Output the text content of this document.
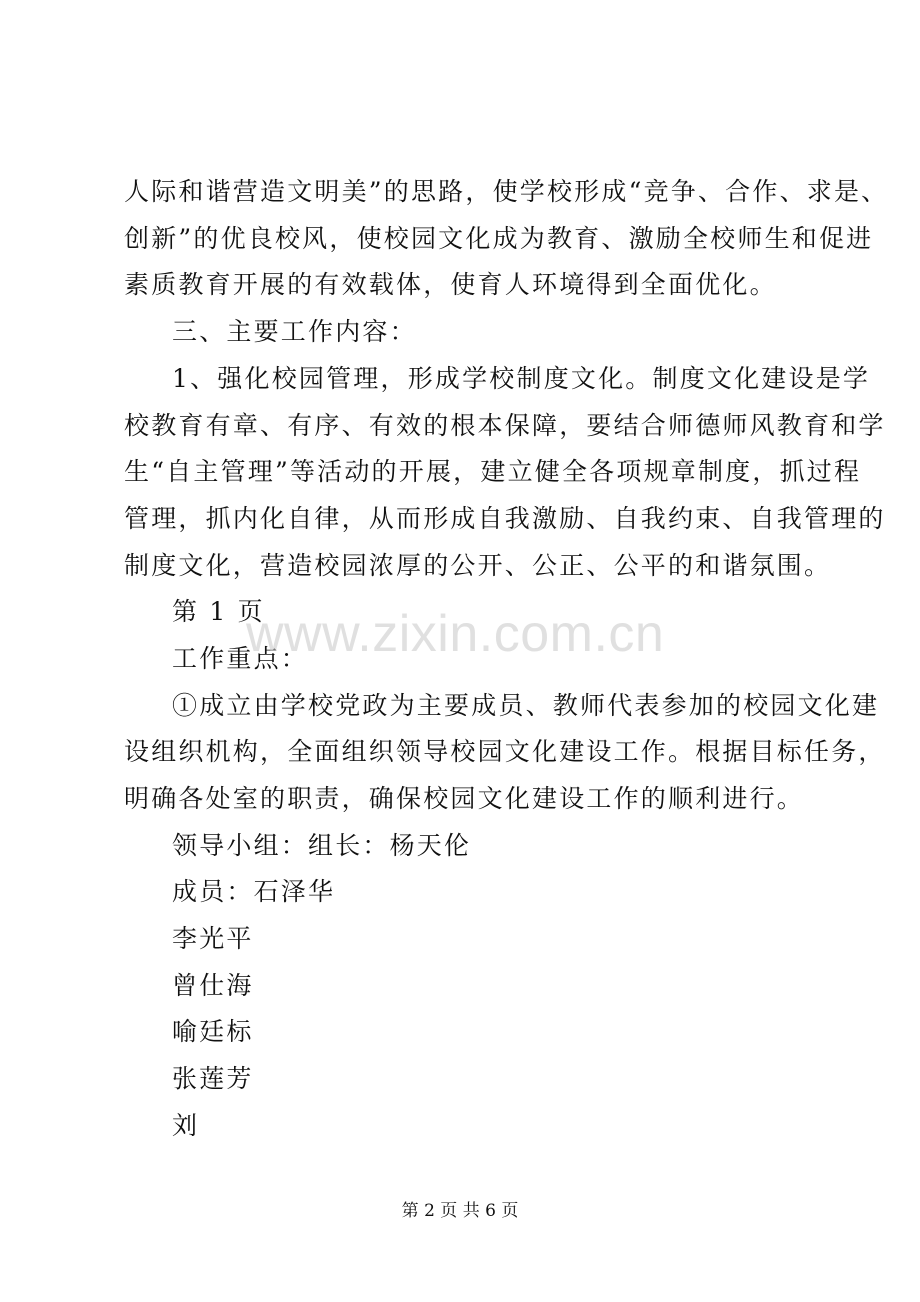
人际和谐营造文明美”的思路，使学校形成“竞争、合作、求是、
创新”的优良校风，使校园文化成为教育、激励全校师生和促进
素质教育开展的有效载体，使育人环境得到全面优化。
三、主要工作内容：
1、强化校园管理，形成学校制度文化。制度文化建设是学
校教育有章、有序、有效的根本保障，要结合师德师风教育和学
生“自主管理”等活动的开展，建立健全各项规章制度，抓过程
管理，抓内化自律，从而形成自我激励、自我约束、自我管理的
制度文化，营造校园浓厚的公开、公正、公平的和谐氛围。
第 1 页
工作重点：
①成立由学校党政为主要成员、教师代表参加的校园文化建
设组织机构，全面组织领导校园文化建设工作。根据目标任务，
明确各处室的职责，确保校园文化建设工作的顺利进行。
领导小组：组长：杨天伦
成员：石泽华
李光平
曾仕海
喻廷标
张莲芳
刘
www.zixin.com.cn
第 2 页 共 6 页
